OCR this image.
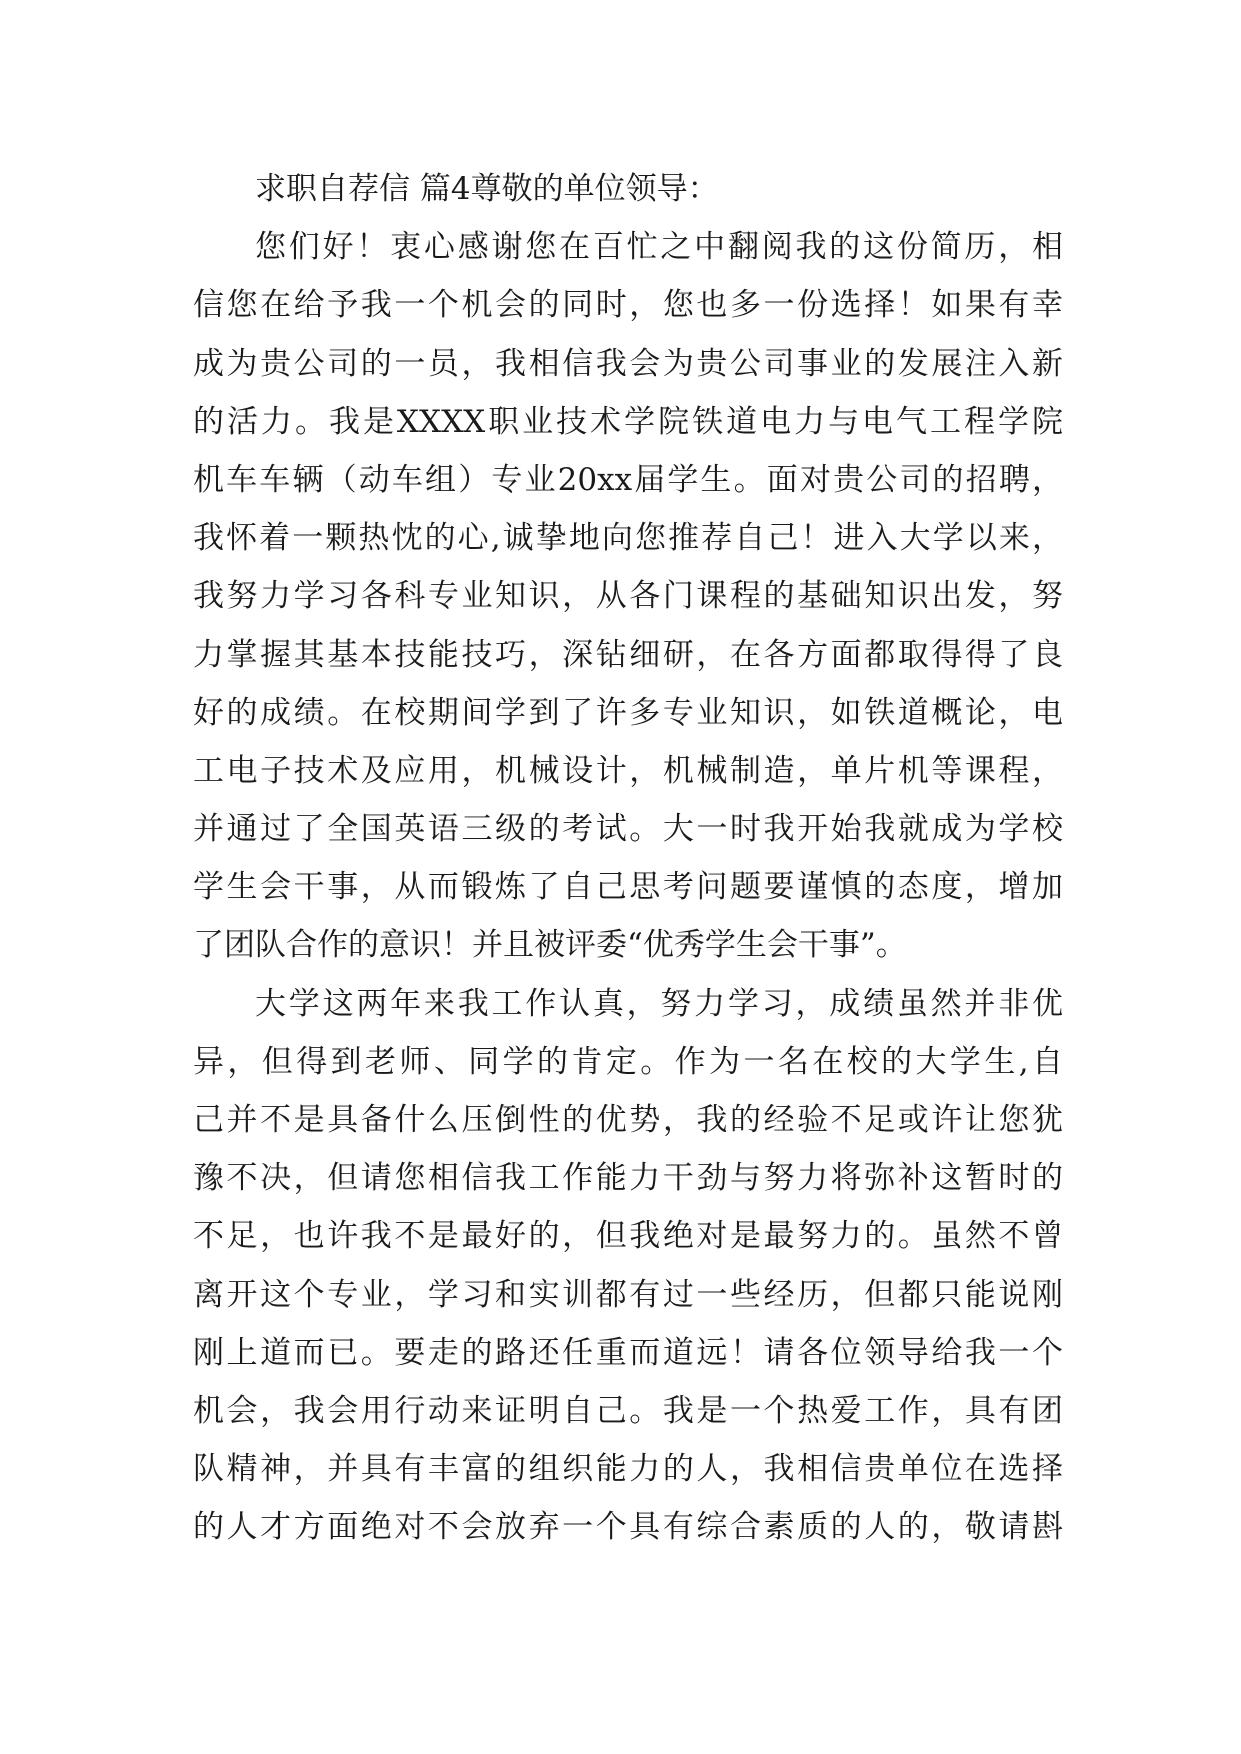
求职自荐信 篇4尊敬的单位领导：
您们好！衷心感谢您在百忙之中翻阅我的这份简历，相
信您在给予我一个机会的同时，您也多一份选择！如果有幸
成为贵公司的一员，我相信我会为贵公司事业的发展注入新
的活力。我是XXXX职业技术学院铁道电力与电气工程学院
机车车辆（动车组）专业20xx届学生。面对贵公司的招聘，
我怀着一颗热忱的心,诚挚地向您推荐自己！进入大学以来，
我努力学习各科专业知识，从各门课程的基础知识出发，努
力掌握其基本技能技巧，深钻细研，在各方面都取得得了良
好的成绩。在校期间学到了许多专业知识，如铁道概论，电
工电子技术及应用，机械设计，机械制造，单片机等课程，
并通过了全国英语三级的考试。大一时我开始我就成为学校
学生会干事，从而锻炼了自己思考问题要谨慎的态度，增加
了团队合作的意识！并且被评委“优秀学生会干事”。
大学这两年来我工作认真，努力学习，成绩虽然并非优
异，但得到老师、同学的肯定。作为一名在校的大学生,自
己并不是具备什么压倒性的优势，我的经验不足或许让您犹
豫不决，但请您相信我工作能力干劲与努力将弥补这暂时的
不足，也许我不是最好的，但我绝对是最努力的。虽然不曾
离开这个专业，学习和实训都有过一些经历，但都只能说刚
刚上道而已。要走的路还任重而道远！请各位领导给我一个
机会，我会用行动来证明自己。我是一个热爱工作，具有团
队精神，并具有丰富的组织能力的人，我相信贵单位在选择
的人才方面绝对不会放弃一个具有综合素质的人的，敬请斟
